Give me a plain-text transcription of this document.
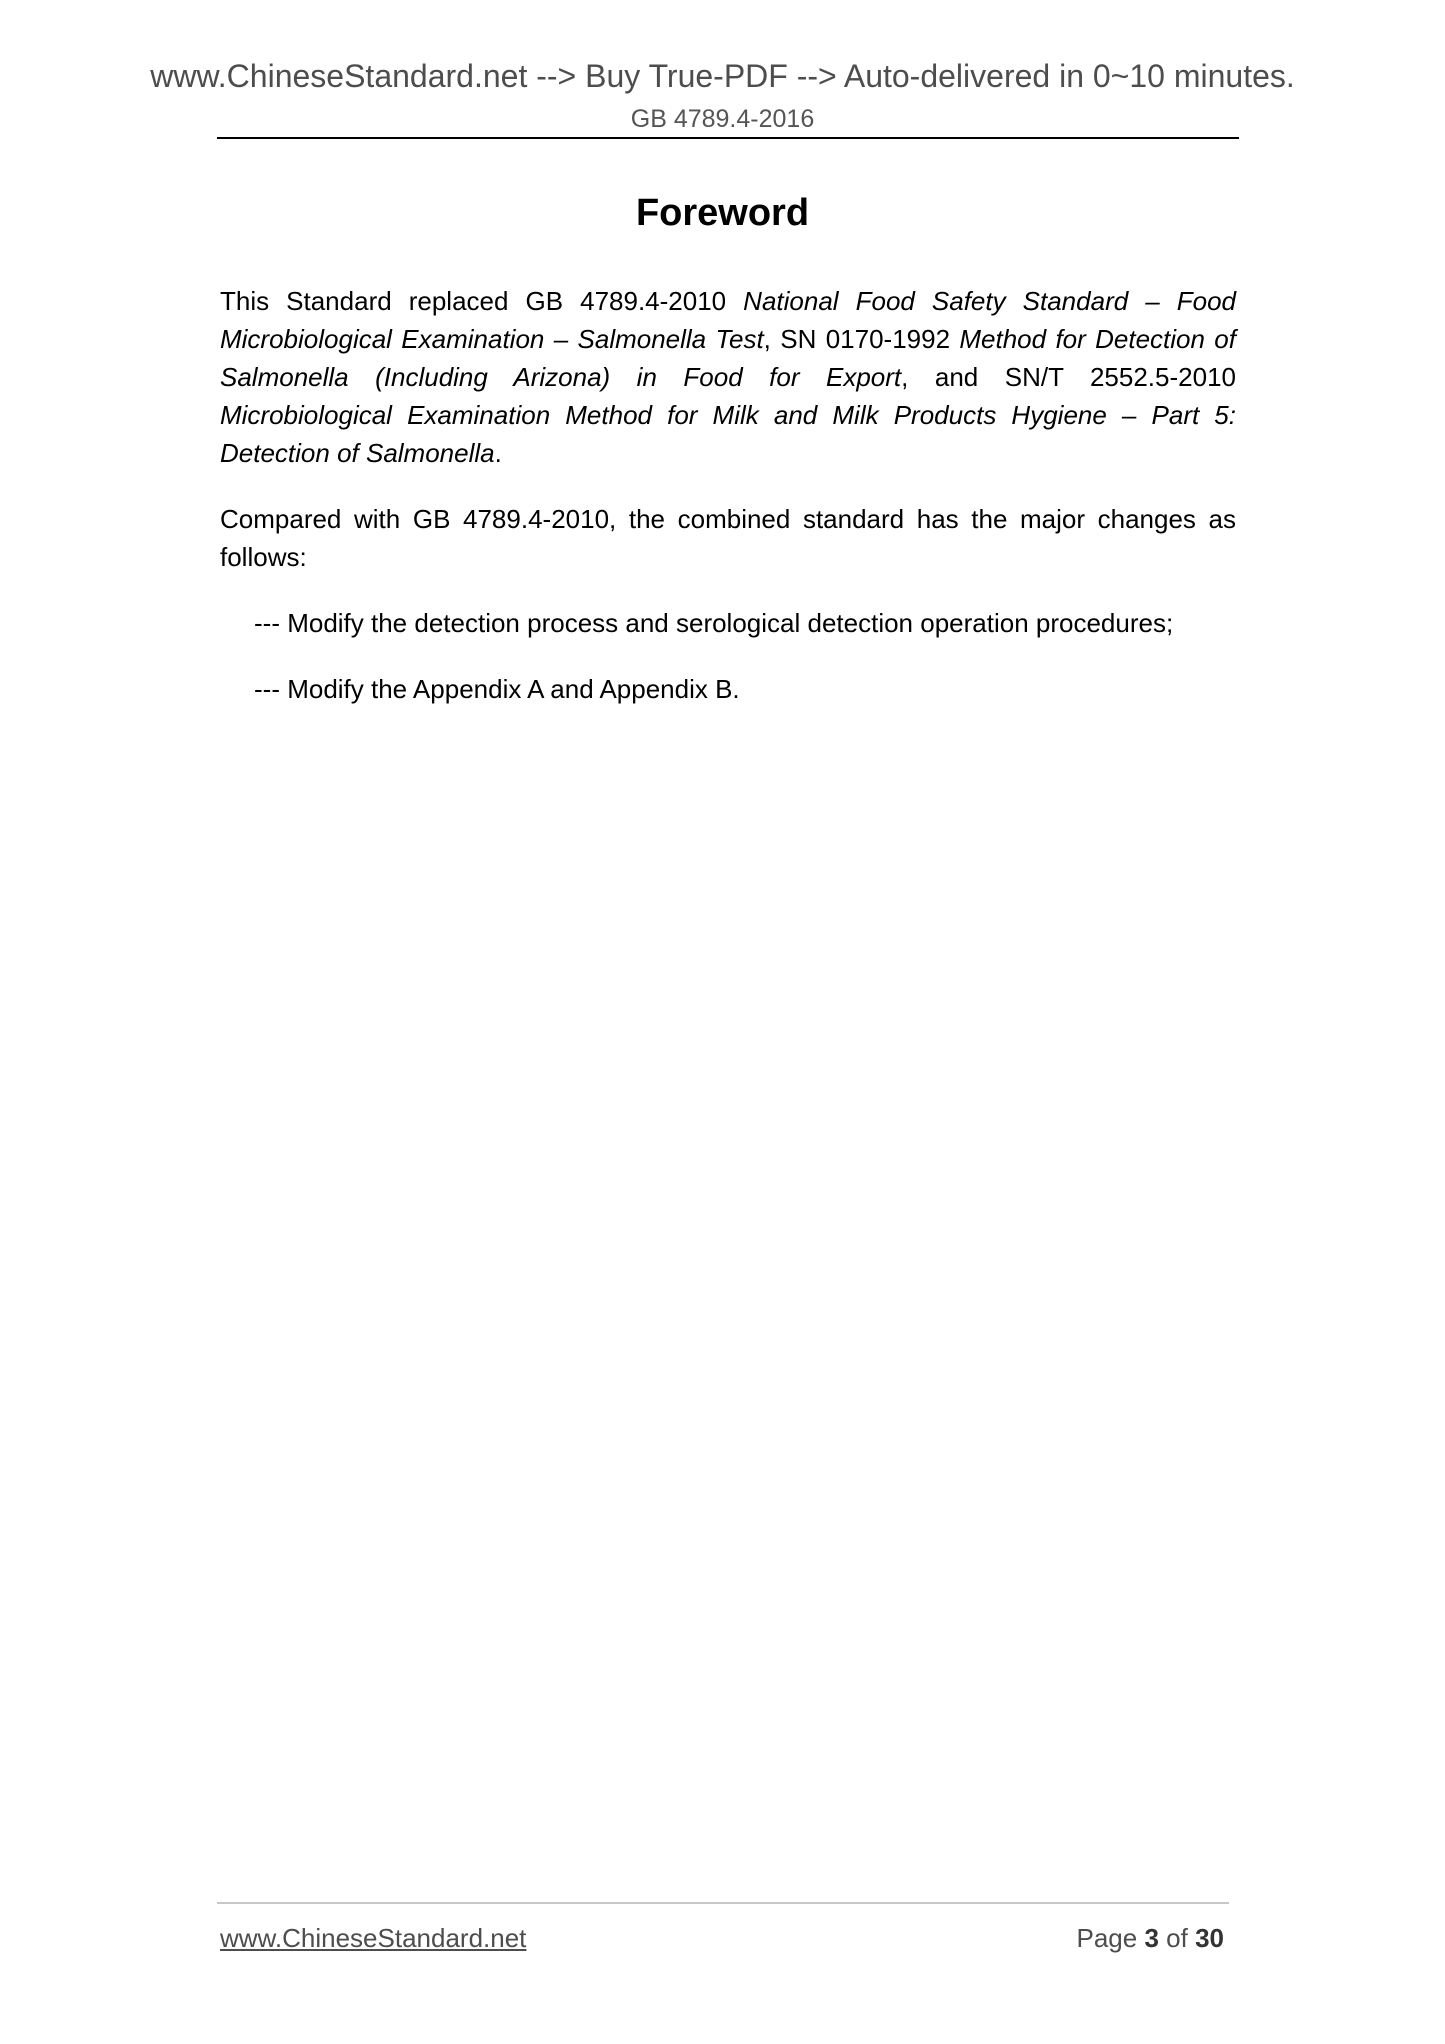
www.ChineseStandard.net --> Buy True-PDF --> Auto-delivered in 0~10 minutes.
GB 4789.4-2016
Foreword

This Standard replaced GB 4789.4-2010 National Food Safety Standard – Food Microbiological Examination – Salmonella Test, SN 0170-1992 Method for Detection of Salmonella (Including Arizona) in Food for Export, and SN/T 2552.5-2010 Microbiological Examination Method for Milk and Milk Products Hygiene – Part 5: Detection of Salmonella.

Compared with GB 4789.4-2010, the combined standard has the major changes as follows:

--- Modify the detection process and serological detection operation procedures;

--- Modify the Appendix A and Appendix B.

www.ChineseStandard.net	Page 3 of 30
